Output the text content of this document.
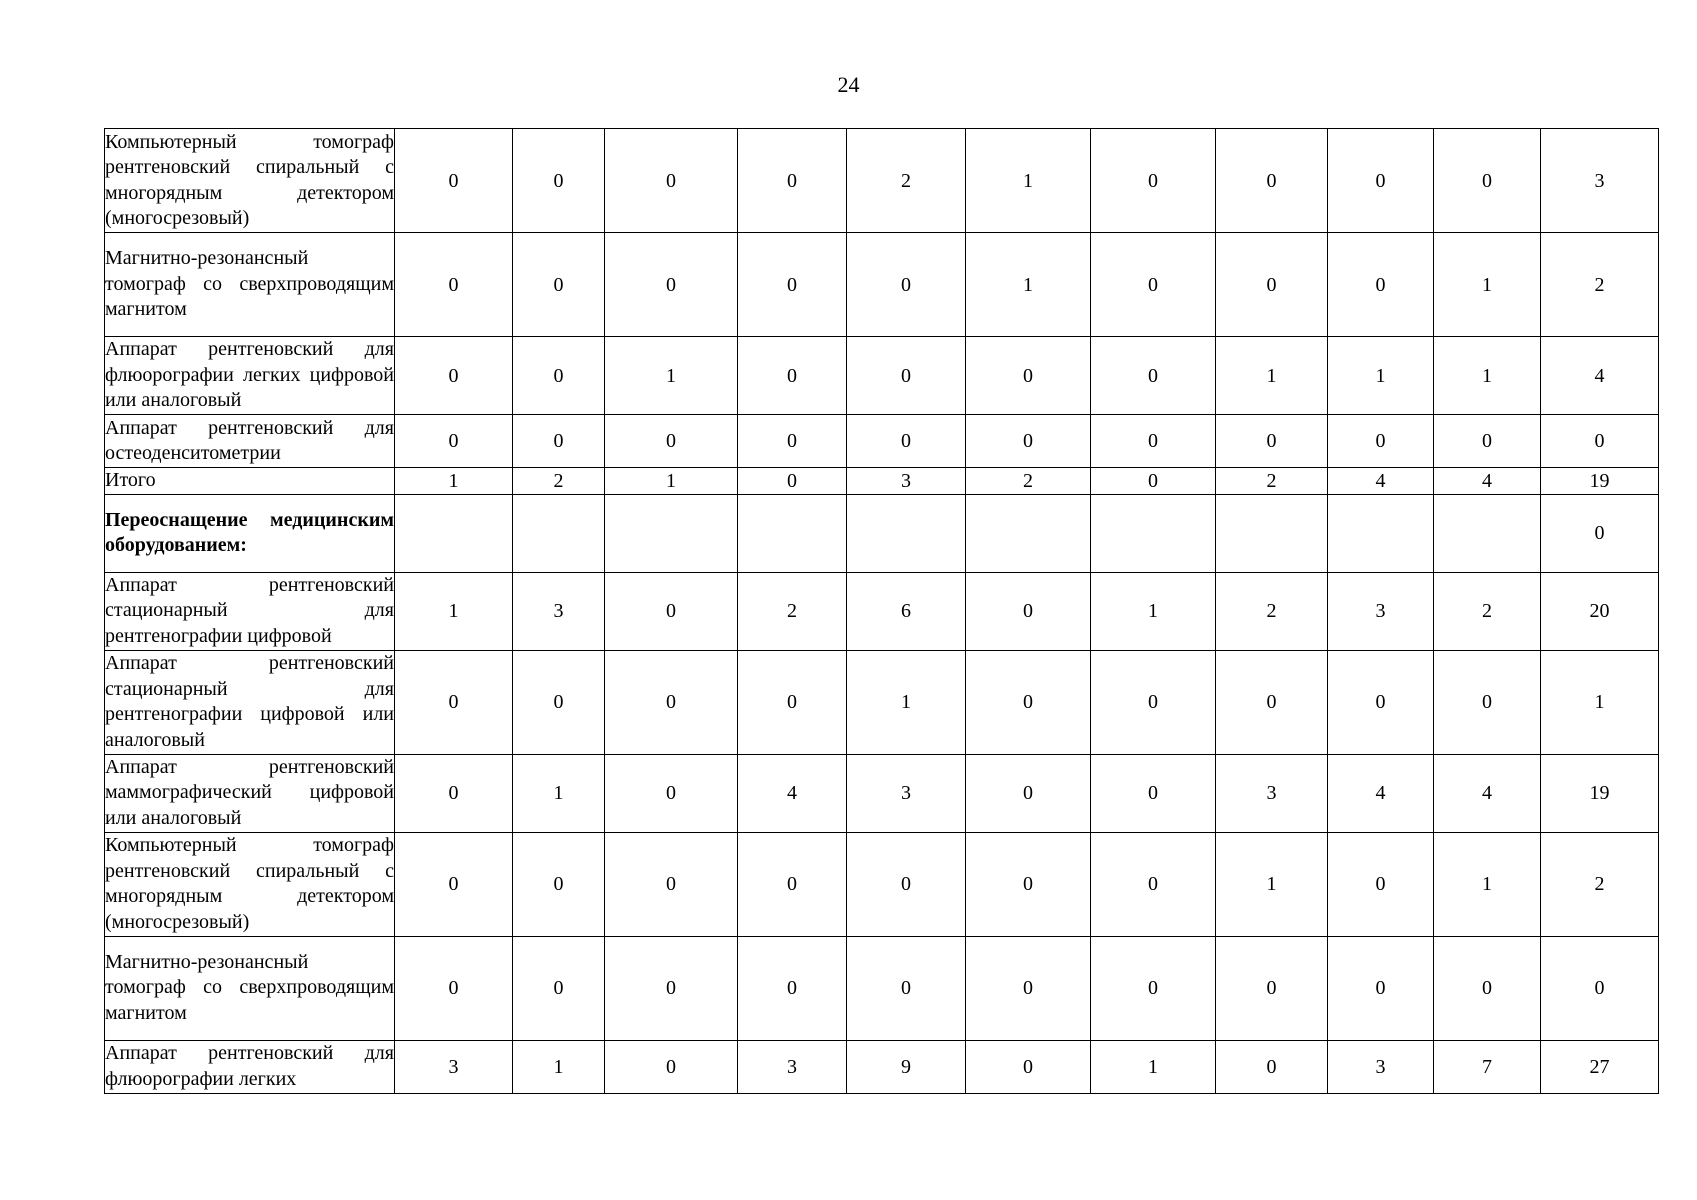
24
Компьютерный томограф рентгеновский спиральный с многорядным детектором (многосрезовый)	0	0	0	0	2	1	0	0	0	0	3
Магнитно-резонансный томограф со сверхпроводящим магнитом	0	0	0	0	0	1	0	0	0	1	2
Аппарат рентгеновский для флюорографии легких цифровой или аналоговый	0	0	1	0	0	0	0	1	1	1	4
Аппарат рентгеновский для остеоденситометрии	0	0	0	0	0	0	0	0	0	0	0
Итого	1	2	1	0	3	2	0	2	4	4	19
Переоснащение медицинским оборудованием:											0
Аппарат рентгеновский стационарный для рентгенографии цифровой	1	3	0	2	6	0	1	2	3	2	20
Аппарат рентгеновский стационарный для рентгенографии цифровой или аналоговый	0	0	0	0	1	0	0	0	0	0	1
Аппарат рентгеновский маммографический цифровой или аналоговый	0	1	0	4	3	0	0	3	4	4	19
Компьютерный томограф рентгеновский спиральный с многорядным детектором (многосрезовый)	0	0	0	0	0	0	0	1	0	1	2
Магнитно-резонансный томограф со сверхпроводящим магнитом	0	0	0	0	0	0	0	0	0	0	0
Аппарат рентгеновский для флюорографии легких	3	1	0	3	9	0	1	0	3	7	27
